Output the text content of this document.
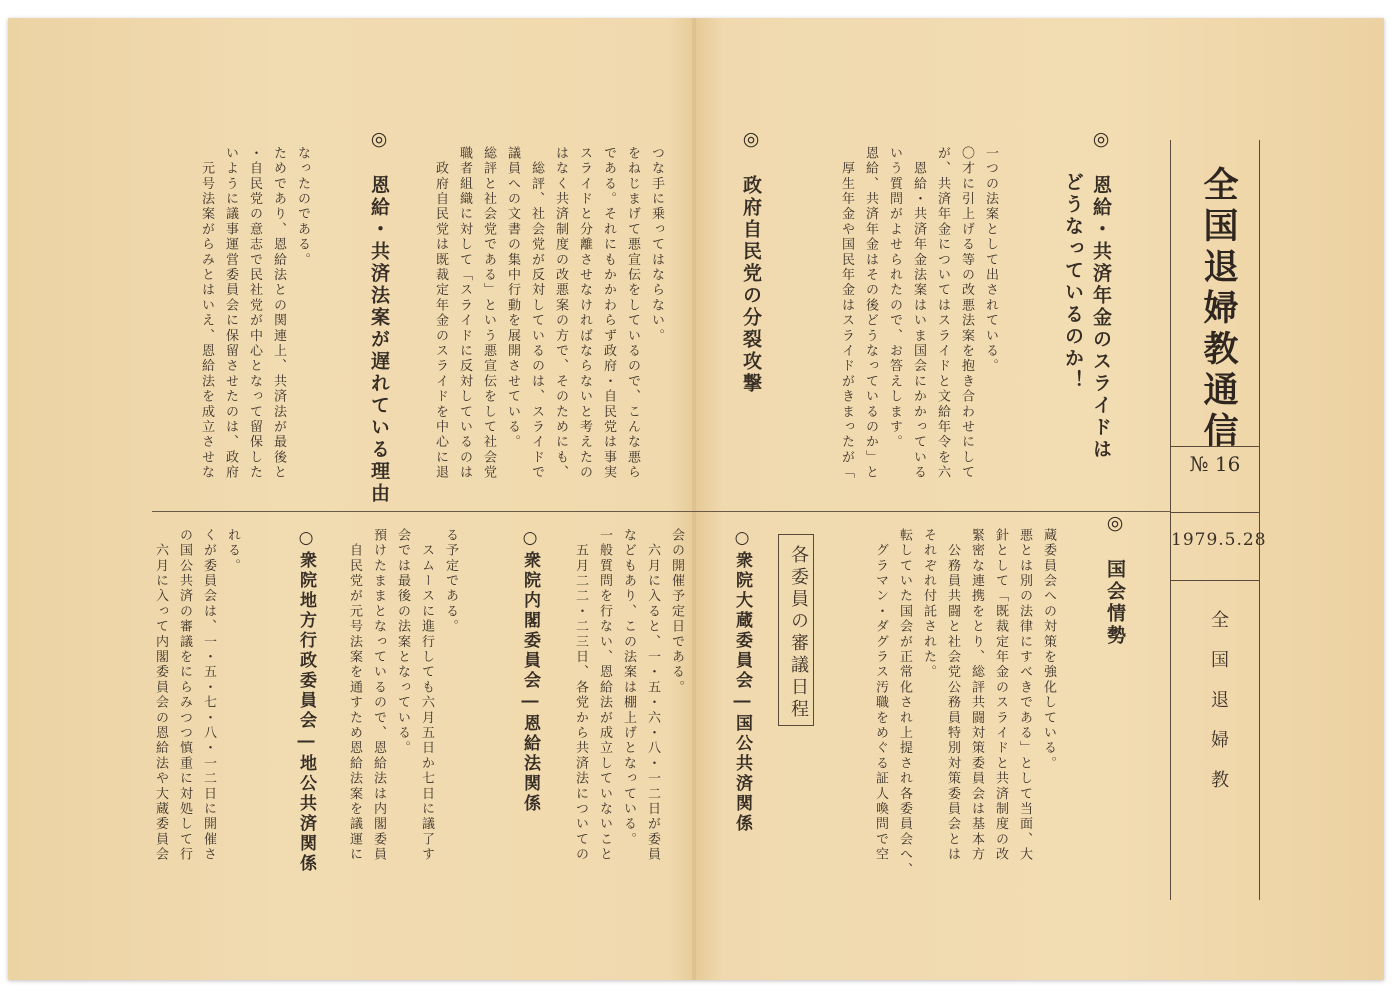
全国退婦教通信
№ 16
1979.5.28
全国退婦教
◎　恩給・共済年金のスライドは
　　どうなっているのか！
一つの法案として出されている。
〇才に引上げる等の改悪法案を抱き合わせにして
が、共済年金についてはスライドと文給年令を六
　恩給・共済年金法案はいま国会にかかっている
いう質問がよせられたので、お答えします。
恩給、共済年金はその後どうなっているのか」と
　厚生年金や国民年金はスライドがきまったが「
◎　政府自民党の分裂攻撃
つな手に乗ってはならない。
をねじまげて悪宣伝をしているので、こんな悪ら
である。それにもかかわらず政府・自民党は事実
スライドと分離させなければならないと考えたの
はなく共済制度の改悪案の方で、そのためにも、
　総評、社会党が反対しているのは、スライドで
議員への文書の集中行動を展開させている。
総評と社会党である」という悪宣伝をして社会党
職者組織に対して「スライドに反対しているのは
　政府自民党は既裁定年金のスライドを中心に退
◎　恩給・共済法案が遅れている理由
なったのである。
ためであり、恩給法との関連上、共済法が最後と
・自民党の意志で民社党が中心となって留保した
いように議事運営委員会に保留させたのは、政府
　元号法案がらみとはいえ、恩給法を成立させな
◎　国会情勢
蔵委員会への対策を強化している。
悪とは別の法律にすべきである」として当面、大
針として「既裁定年金のスライドと共済制度の改
緊密な連携をとり、総評共闘対策委員会は基本方
　公務員共闘と社会党公務員特別対策委員会とは
それぞれ付託された。
転していた国会が正常化され上提され各委員会へ、
　グラマン・ダグラス汚職をめぐる証人喚問で空
各委員の審議日程
○衆院大蔵委員会―国公共済関係
会の開催予定日である。
　六月に入ると、一・五・六・八・一二日が委員
などもあり、この法案は棚上げとなっている。
一般質問を行ない、恩給法が成立していないこと
　五月二二・二三日、各党から共済法についての
○衆院内閣委員会―恩給法関係
る予定である。
　スムースに進行しても六月五日か七日に議了す
会では最後の法案となっている。
預けたままとなっているので、恩給法は内閣委員
　自民党が元号法案を通すため恩給法案を議運に
○衆院地方行政委員会―地公共済関係
れる。
くが委員会は、一・五・七・八・一二日に開催さ
の国公共済の審議をにらみつつ慎重に対処して行
　六月に入って内閣委員会の恩給法や大蔵委員会
